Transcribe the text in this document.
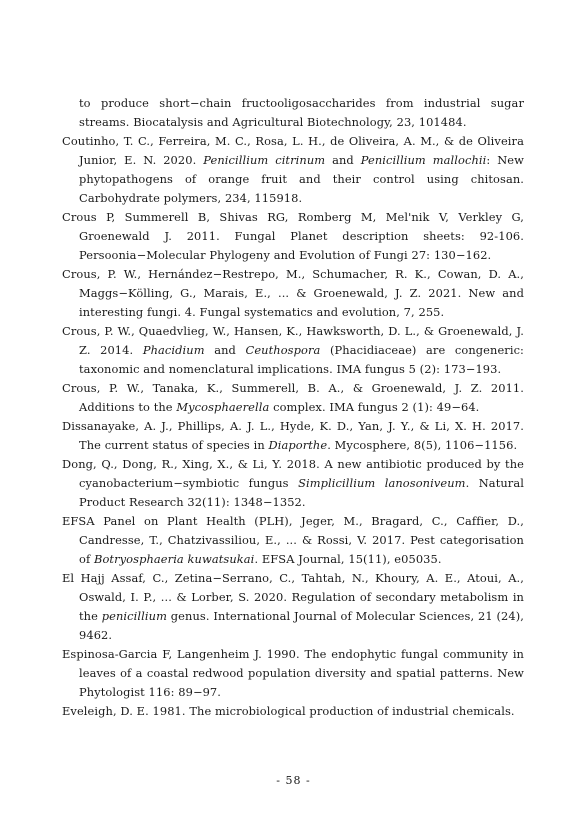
to produce short−chain fructooligosaccharides from industrial sugar streams. Biocatalysis and Agricultural Biotechnology, 23, 101484.

Coutinho, T. C., Ferreira, M. C., Rosa, L. H., de Oliveira, A. M., & de Oliveira Junior, E. N. 2020. Penicillium citrinum and Penicillium mallochii: New phytopathogens of orange fruit and their control using chitosan. Carbohydrate polymers, 234, 115918.

Crous P, Summerell B, Shivas RG, Romberg M, Mel'nik V, Verkley G, Groenewald J. 2011. Fungal Planet description sheets: 92-106. Persoonia−Molecular Phylogeny and Evolution of Fungi 27: 130−162.

Crous, P. W., Hernández−Restrepo, M., Schumacher, R. K., Cowan, D. A., Maggs−Kölling, G., Marais, E., ... & Groenewald, J. Z. 2021. New and interesting fungi. 4. Fungal systematics and evolution, 7, 255.

Crous, P. W., Quaedvlieg, W., Hansen, K., Hawksworth, D. L., & Groenewald, J. Z. 2014. Phacidium and Ceuthospora (Phacidiaceae) are congeneric: taxonomic and nomenclatural implications. IMA fungus 5 (2): 173−193.

Crous, P. W., Tanaka, K., Summerell, B. A., & Groenewald, J. Z. 2011. Additions to the Mycosphaerella complex. IMA fungus 2 (1): 49−64.

Dissanayake, A. J., Phillips, A. J. L., Hyde, K. D., Yan, J. Y., & Li, X. H. 2017. The current status of species in Diaporthe. Mycosphere, 8(5), 1106−1156.

Dong, Q., Dong, R., Xing, X., & Li, Y. 2018. A new antibiotic produced by the cyanobacterium−symbiotic fungus Simplicillium lanosoniveum. Natural Product Research 32(11): 1348−1352.

EFSA Panel on Plant Health (PLH), Jeger, M., Bragard, C., Caffier, D., Candresse, T., Chatzivassiliou, E., ... & Rossi, V. 2017. Pest categorisation of Botryosphaeria kuwatsukai. EFSA Journal, 15(11), e05035.

El Hajj Assaf, C., Zetina−Serrano, C., Tahtah, N., Khoury, A. E., Atoui, A., Oswald, I. P., ... & Lorber, S. 2020. Regulation of secondary metabolism in the penicillium genus. International Journal of Molecular Sciences, 21 (24), 9462.

Espinosa-Garcia F, Langenheim J. 1990. The endophytic fungal community in leaves of a coastal redwood population diversity and spatial patterns. New Phytologist 116: 89−97.

Eveleigh, D. E. 1981. The microbiological production of industrial chemicals.

- 58 -
